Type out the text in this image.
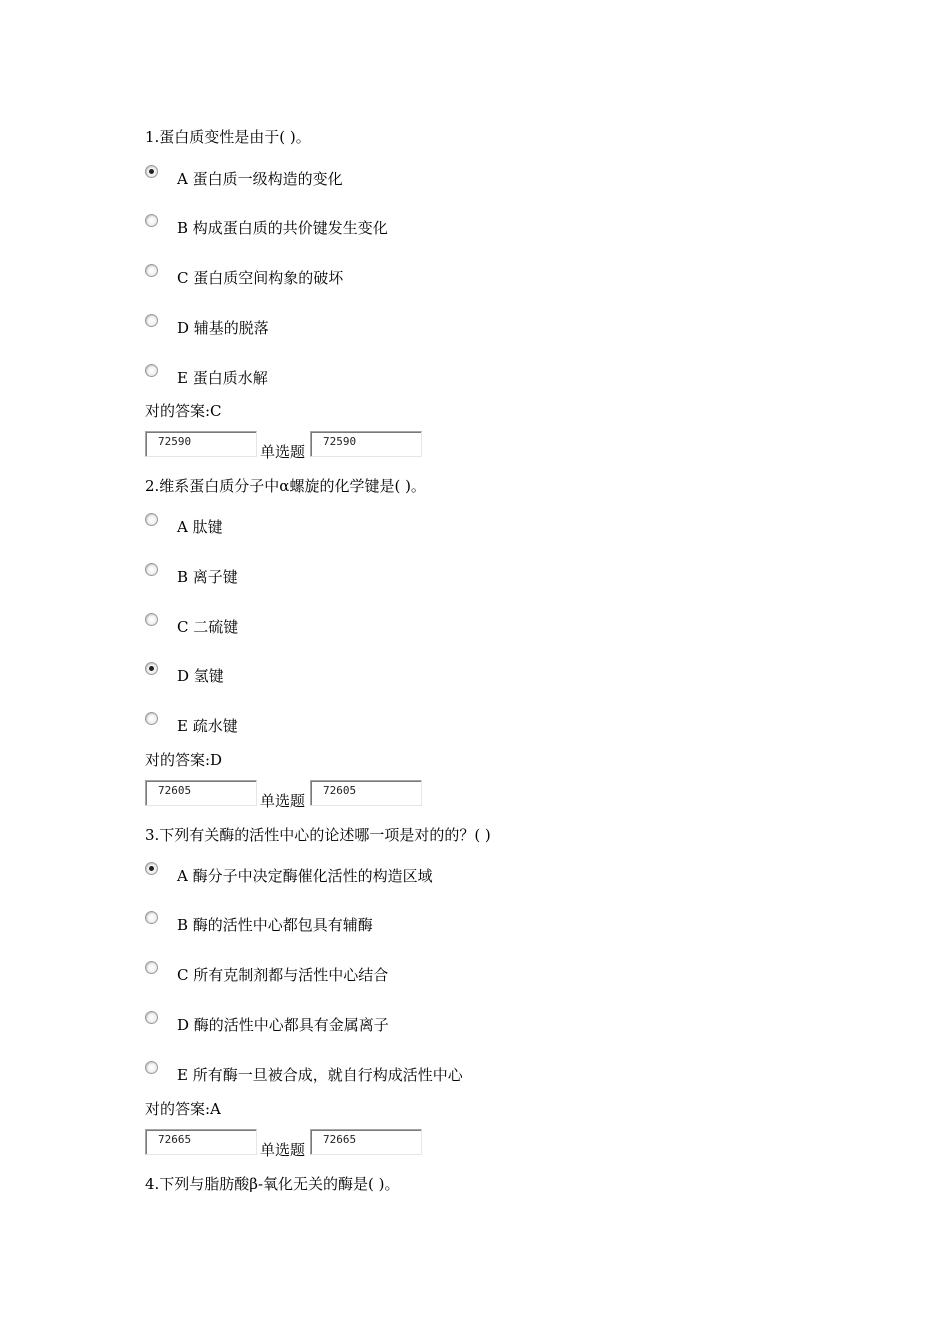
1.蛋白质变性是由于( )。
A 蛋白质一级构造的变化
B 构成蛋白质的共价键发生变化
C 蛋白质空间构象的破坏
D 辅基的脱落
E 蛋白质水解
对的答案:C
72590
单选题
72590
2.维系蛋白质分子中α螺旋的化学键是( )。
A 肽键
B 离子键
C 二硫键
D 氢键
E 疏水键
对的答案:D
72605
单选题
72605
3.下列有关酶的活性中心的论述哪一项是对的的？( )
A 酶分子中决定酶催化活性的构造区域
B 酶的活性中心都包具有辅酶
C 所有克制剂都与活性中心结合
D 酶的活性中心都具有金属离子
E 所有酶一旦被合成，就自行构成活性中心
对的答案:A
72665
单选题
72665
4.下列与脂肪酸β-氧化无关的酶是( )。
